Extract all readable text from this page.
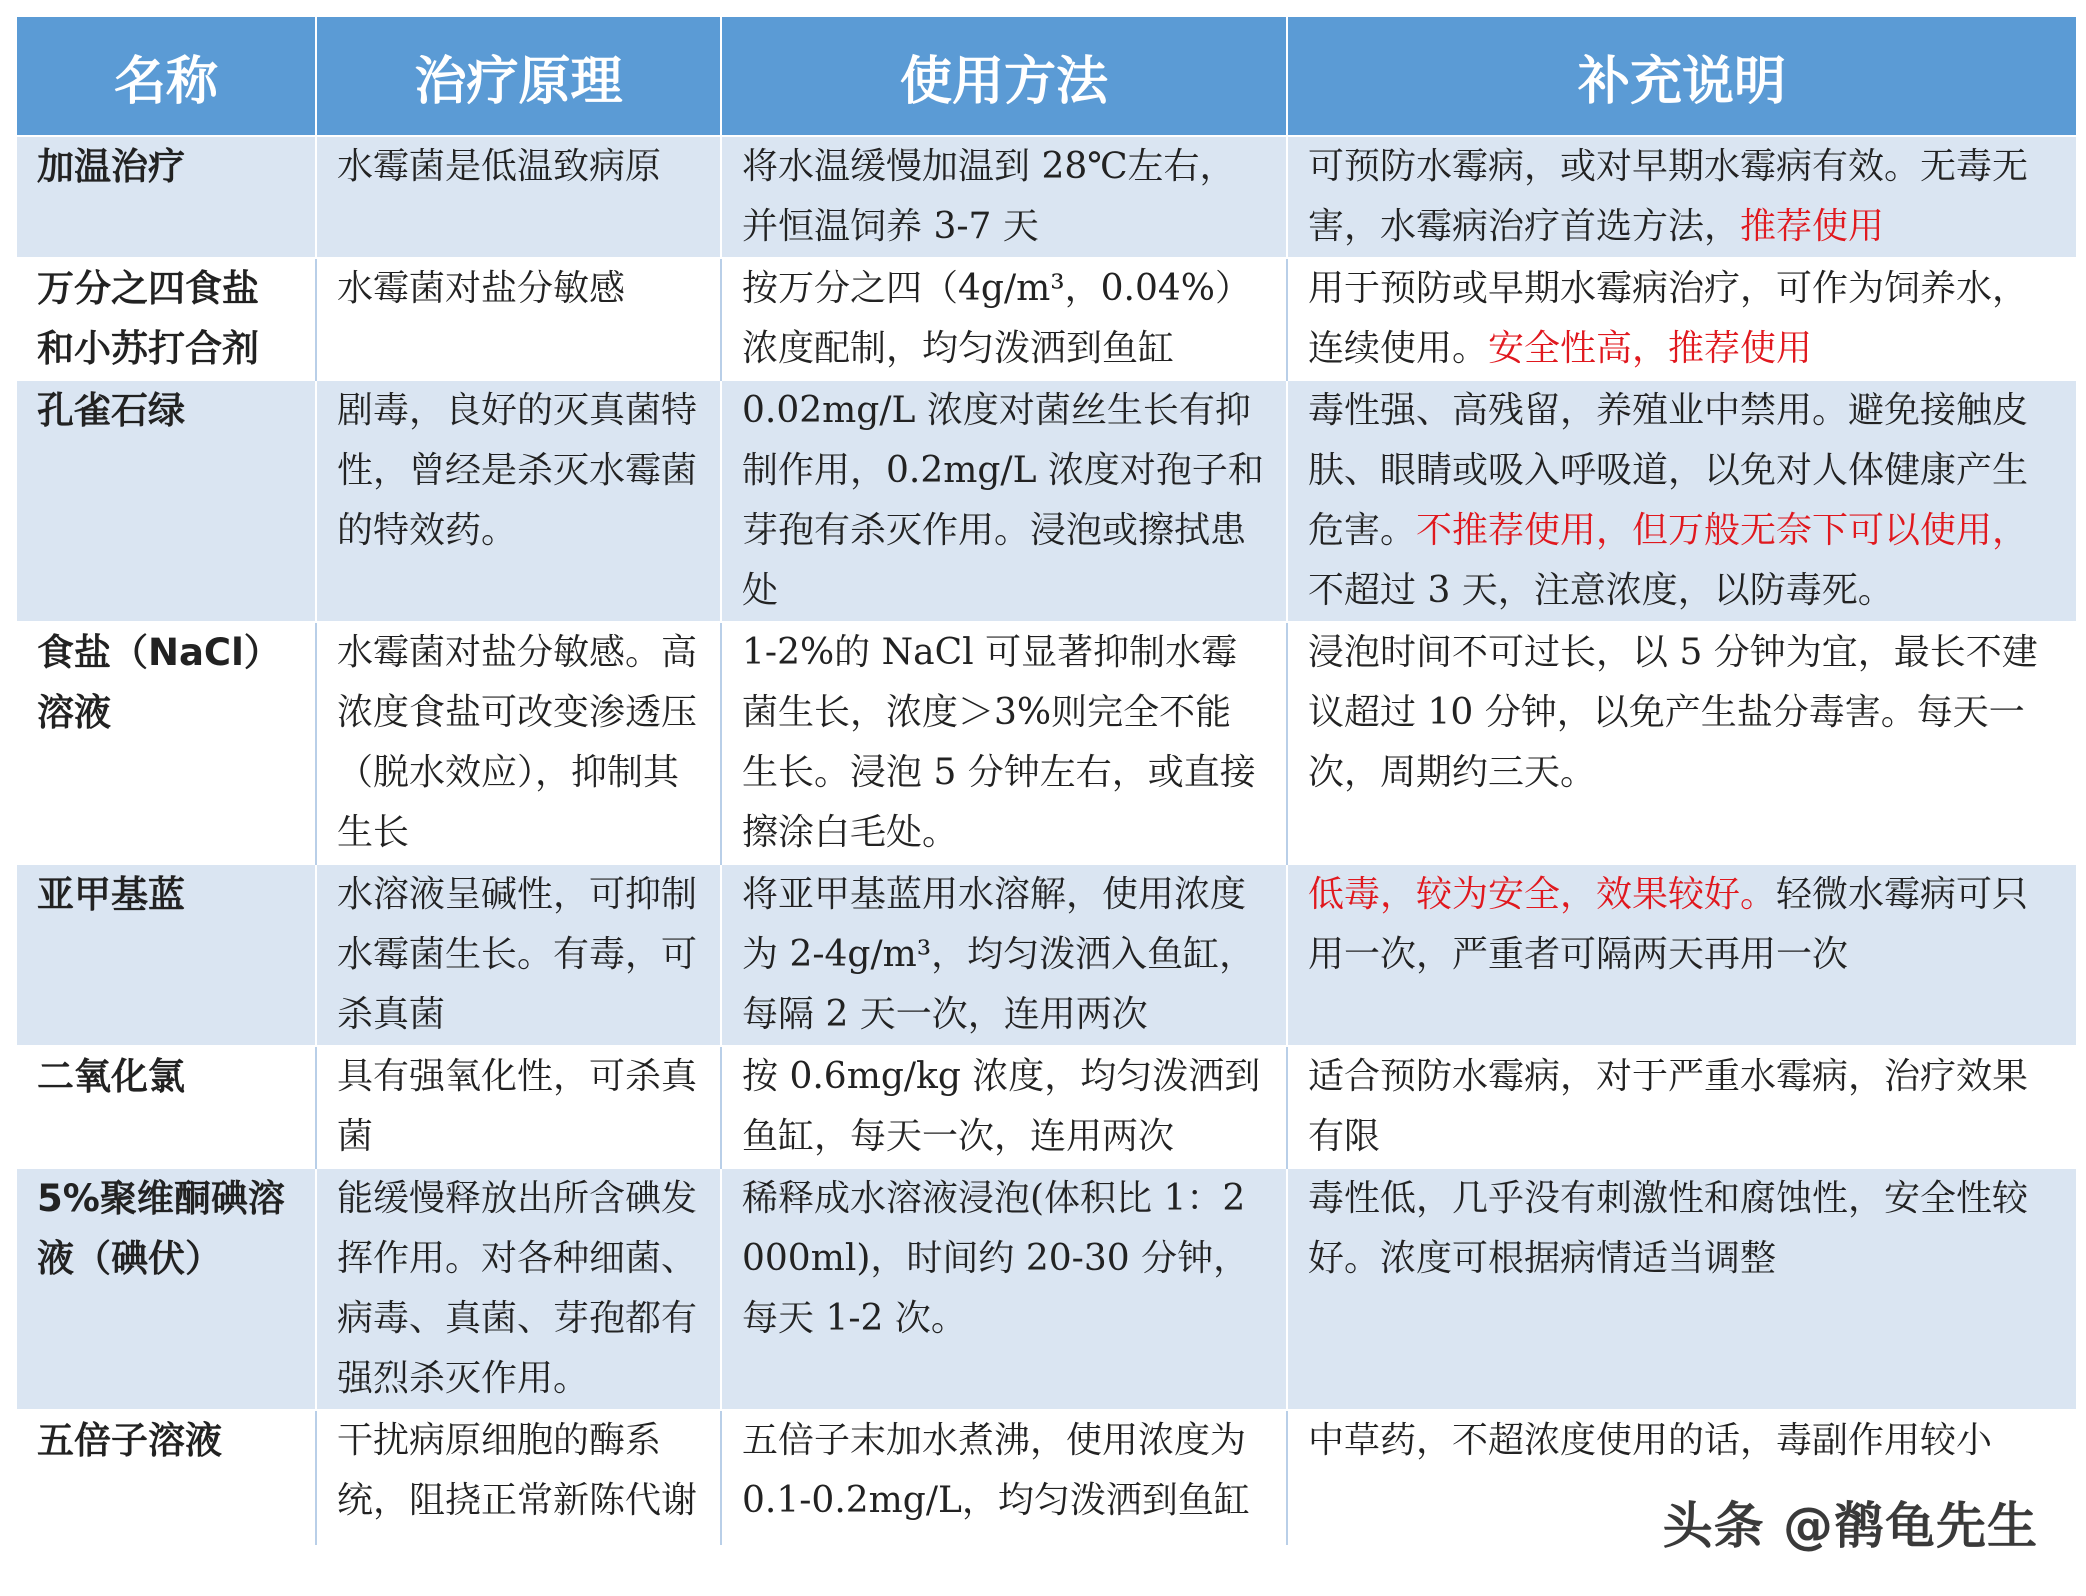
名称	治疗原理	使用方法	补充说明
加温治疗	水霉菌是低温致病原	将水温缓慢加温到 28℃左右，并恒温饲养 3-7 天	可预防水霉病，或对早期水霉病有效。无毒无害，水霉病治疗首选方法，推荐使用
万分之四食盐和小苏打合剂	水霉菌对盐分敏感	按万分之四（4g/m³，0.04%）浓度配制，均匀泼洒到鱼缸	用于预防或早期水霉病治疗，可作为饲养水，连续使用。安全性高，推荐使用
孔雀石绿	剧毒，良好的灭真菌特性，曾经是杀灭水霉菌的特效药。	0.02mg/L 浓度对菌丝生长有抑制作用，0.2mg/L 浓度对孢子和芽孢有杀灭作用。浸泡或擦拭患处	毒性强、高残留，养殖业中禁用。避免接触皮肤、眼睛或吸入呼吸道，以免对人体健康产生危害。不推荐使用，但万般无奈下可以使用，不超过 3 天，注意浓度，以防毒死。
食盐（NaCl）溶液	水霉菌对盐分敏感。高浓度食盐可改变渗透压（脱水效应），抑制其生长	1-2%的 NaCl 可显著抑制水霉菌生长，浓度＞3%则完全不能生长。浸泡 5 分钟左右，或直接擦涂白毛处。	浸泡时间不可过长，以 5 分钟为宜，最长不建议超过 10 分钟，以免产生盐分毒害。每天一次，周期约三天。
亚甲基蓝	水溶液呈碱性，可抑制水霉菌生长。有毒，可杀真菌	将亚甲基蓝用水溶解，使用浓度为 2-4g/m³，均匀泼洒入鱼缸，每隔 2 天一次，连用两次	低毒，较为安全，效果较好。轻微水霉病可只用一次，严重者可隔两天再用一次
二氧化氯	具有强氧化性，可杀真菌	按 0.6mg/kg 浓度，均匀泼洒到鱼缸，每天一次，连用两次	适合预防水霉病，对于严重水霉病，治疗效果有限
5%聚维酮碘溶液（碘伏）	能缓慢释放出所含碘发挥作用。对各种细菌、病毒、真菌、芽孢都有强烈杀灭作用。	稀释成水溶液浸泡(体积比 1：2000ml)，时间约 20-30 分钟，每天 1-2 次。	毒性低，几乎没有刺激性和腐蚀性，安全性较好。浓度可根据病情适当调整
五倍子溶液	干扰病原细胞的酶系统，阻挠正常新陈代谢	五倍子末加水煮沸，使用浓度为 0.1-0.2mg/L，均匀泼洒到鱼缸	中草药，不超浓度使用的话，毒副作用较小
头条 @鹡龟先生
